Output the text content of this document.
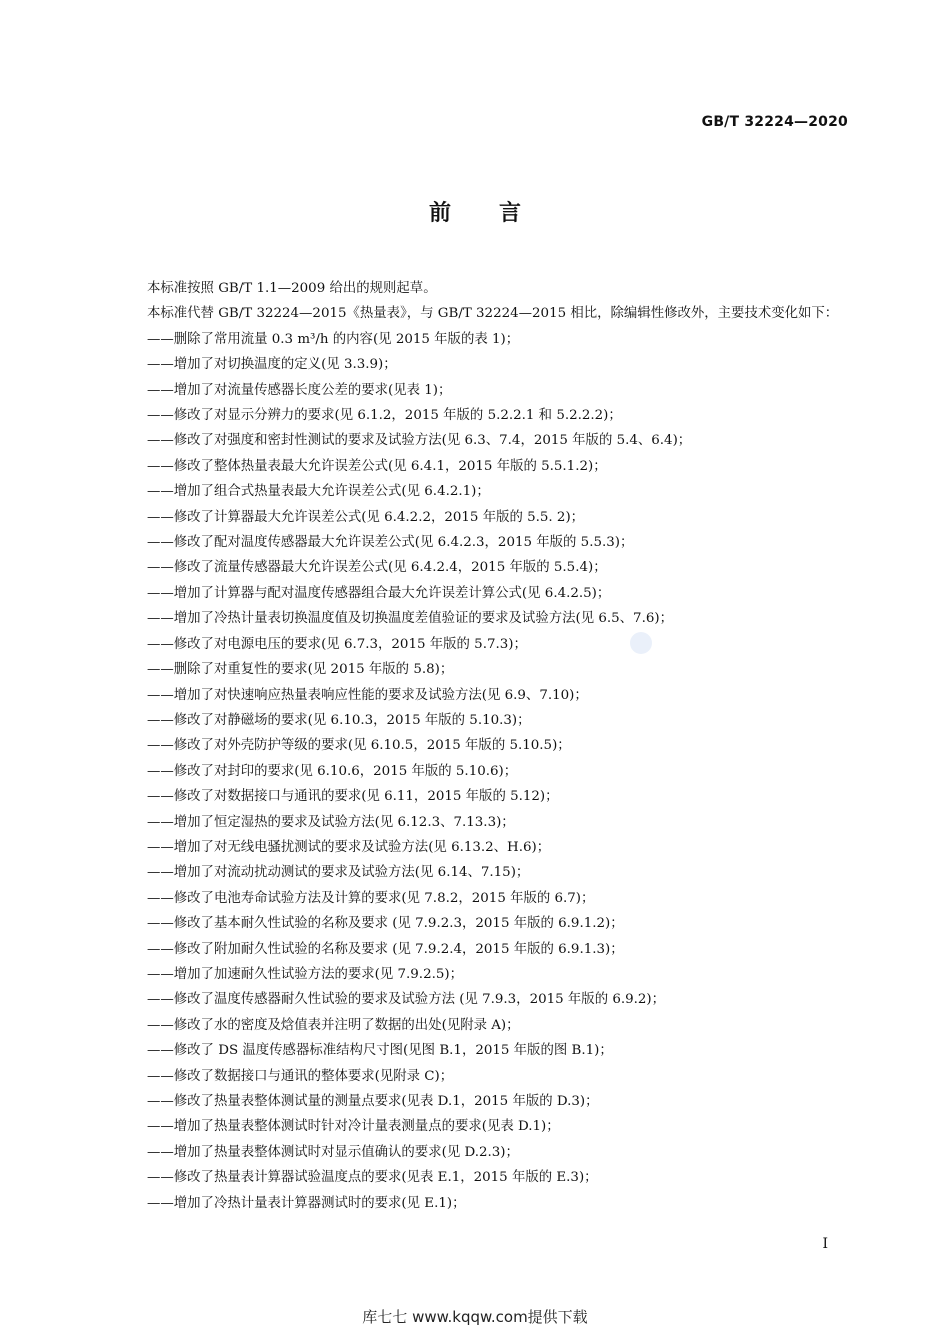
GB/T 32224—2020
前言

本标准按照 GB/T 1.1—2009 给出的规则起草。

本标准代替 GB/T 32224—2015《热量表》，与 GB/T 32224—2015 相比，除编辑性修改外，主要技术变化如下：

——删除了常用流量 0.3 m³/h 的内容(见 2015 年版的表 1)；
——增加了对切换温度的定义(见 3.3.9)；
——增加了对流量传感器长度公差的要求(见表 1)；
——修改了对显示分辨力的要求(见 6.1.2，2015 年版的 5.2.2.1 和 5.2.2.2)；
——修改了对强度和密封性测试的要求及试验方法(见 6.3、7.4，2015 年版的 5.4、6.4)；
——修改了整体热量表最大允许误差公式(见 6.4.1，2015 年版的 5.5.1.2)；
——增加了组合式热量表最大允许误差公式(见 6.4.2.1)；
——修改了计算器最大允许误差公式(见 6.4.2.2，2015 年版的 5.5. 2)；
——修改了配对温度传感器最大允许误差公式(见 6.4.2.3，2015 年版的 5.5.3)；
——修改了流量传感器最大允许误差公式(见 6.4.2.4，2015 年版的 5.5.4)；
——增加了计算器与配对温度传感器组合最大允许误差计算公式(见 6.4.2.5)；
——增加了冷热计量表切换温度值及切换温度差值验证的要求及试验方法(见 6.5、7.6)；
——修改了对电源电压的要求(见 6.7.3，2015 年版的 5.7.3)；
——删除了对重复性的要求(见 2015 年版的 5.8)；
——增加了对快速响应热量表响应性能的要求及试验方法(见 6.9、7.10)；
——修改了对静磁场的要求(见 6.10.3，2015 年版的 5.10.3)；
——修改了对外壳防护等级的要求(见 6.10.5，2015 年版的 5.10.5)；
——修改了对封印的要求(见 6.10.6，2015 年版的 5.10.6)；
——修改了对数据接口与通讯的要求(见 6.11，2015 年版的 5.12)；
——增加了恒定湿热的要求及试验方法(见 6.12.3、7.13.3)；
——增加了对无线电骚扰测试的要求及试验方法(见 6.13.2、H.6)；
——增加了对流动扰动测试的要求及试验方法(见 6.14、7.15)；
——修改了电池寿命试验方法及计算的要求(见 7.8.2，2015 年版的 6.7)；
——修改了基本耐久性试验的名称及要求 (见 7.9.2.3，2015 年版的 6.9.1.2)；
——修改了附加耐久性试验的名称及要求 (见 7.9.2.4，2015 年版的 6.9.1.3)；
——增加了加速耐久性试验方法的要求(见 7.9.2.5)；
——修改了温度传感器耐久性试验的要求及试验方法 (见 7.9.3，2015 年版的 6.9.2)；
——修改了水的密度及焓值表并注明了数据的出处(见附录 A)；
——修改了 DS 温度传感器标准结构尺寸图(见图 B.1，2015 年版的图 B.1)；
——修改了数据接口与通讯的整体要求(见附录 C)；
——修改了热量表整体测试量的测量点要求(见表 D.1，2015 年版的 D.3)；
——增加了热量表整体测试时针对冷计量表测量点的要求(见表 D.1)；
——增加了热量表整体测试时对显示值确认的要求(见 D.2.3)；
——修改了热量表计算器试验温度点的要求(见表 E.1，2015 年版的 E.3)；
——增加了冷热计量表计算器测试时的要求(见 E.1)；
I
库七七 www.kqqw.com提供下载
